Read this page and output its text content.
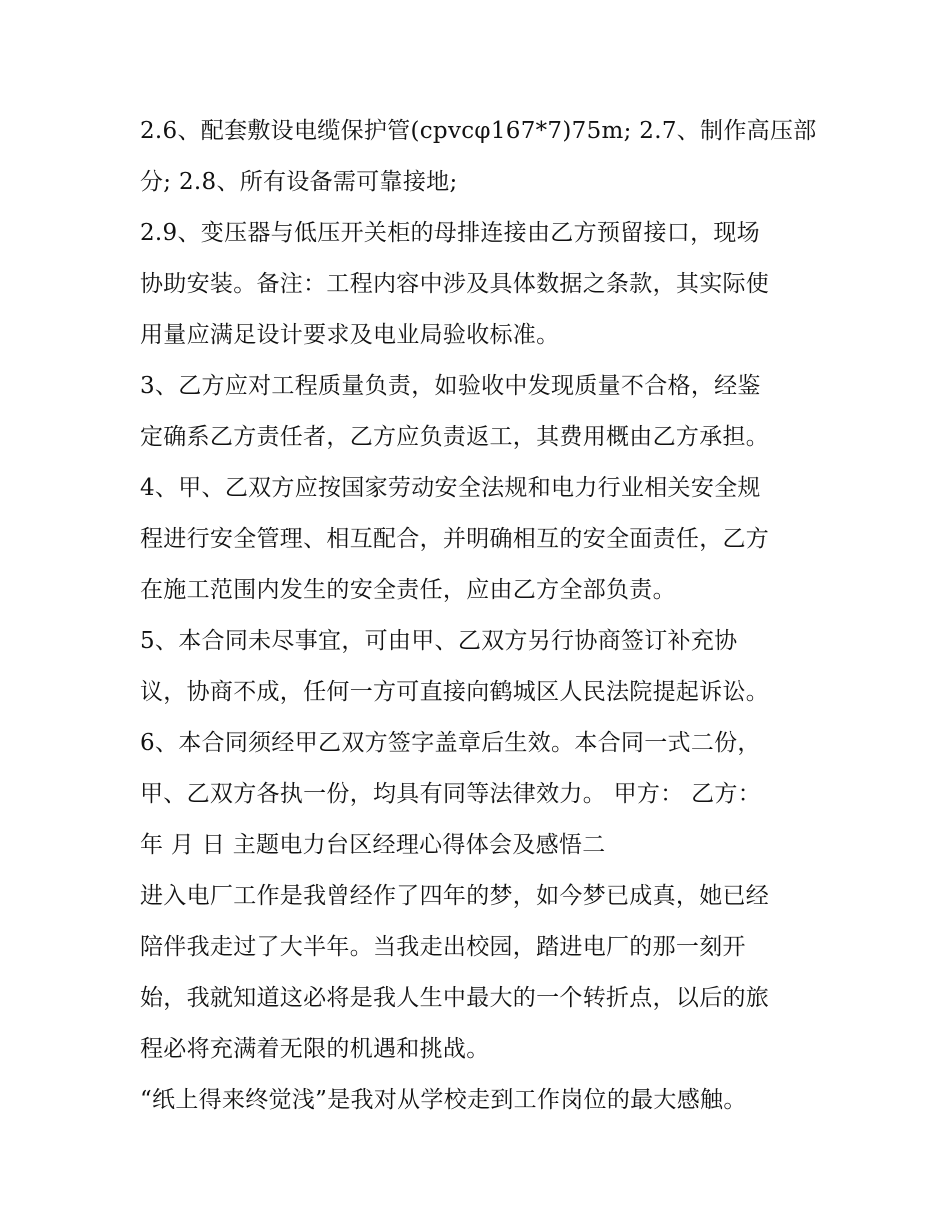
2.6、配套敷设电缆保护管(cpvcφ167*7)75m; 2.7、制作高压部
分; 2.8、所有设备需可靠接地;
2.9、变压器与低压开关柜的母排连接由乙方预留接口，现场
协助安装。备注：工程内容中涉及具体数据之条款，其实际使
用量应满足设计要求及电业局验收标准。
3、乙方应对工程质量负责，如验收中发现质量不合格，经鉴
定确系乙方责任者，乙方应负责返工，其费用概由乙方承担。
4、甲、乙双方应按国家劳动安全法规和电力行业相关安全规
程进行安全管理、相互配合，并明确相互的安全面责任，乙方
在施工范围内发生的安全责任，应由乙方全部负责。
5、本合同未尽事宜，可由甲、乙双方另行协商签订补充协
议，协商不成，任何一方可直接向鹤城区人民法院提起诉讼。
6、本合同须经甲乙双方签字盖章后生效。本合同一式二份，
甲、乙双方各执一份，均具有同等法律效力。 甲方： 乙方：
年 月 日 主题电力台区经理心得体会及感悟二
进入电厂工作是我曾经作了四年的梦，如今梦已成真，她已经
陪伴我走过了大半年。当我走出校园，踏进电厂的那一刻开
始，我就知道这必将是我人生中最大的一个转折点，以后的旅
程必将充满着无限的机遇和挑战。
“纸上得来终觉浅”是我对从学校走到工作岗位的最大感触。
